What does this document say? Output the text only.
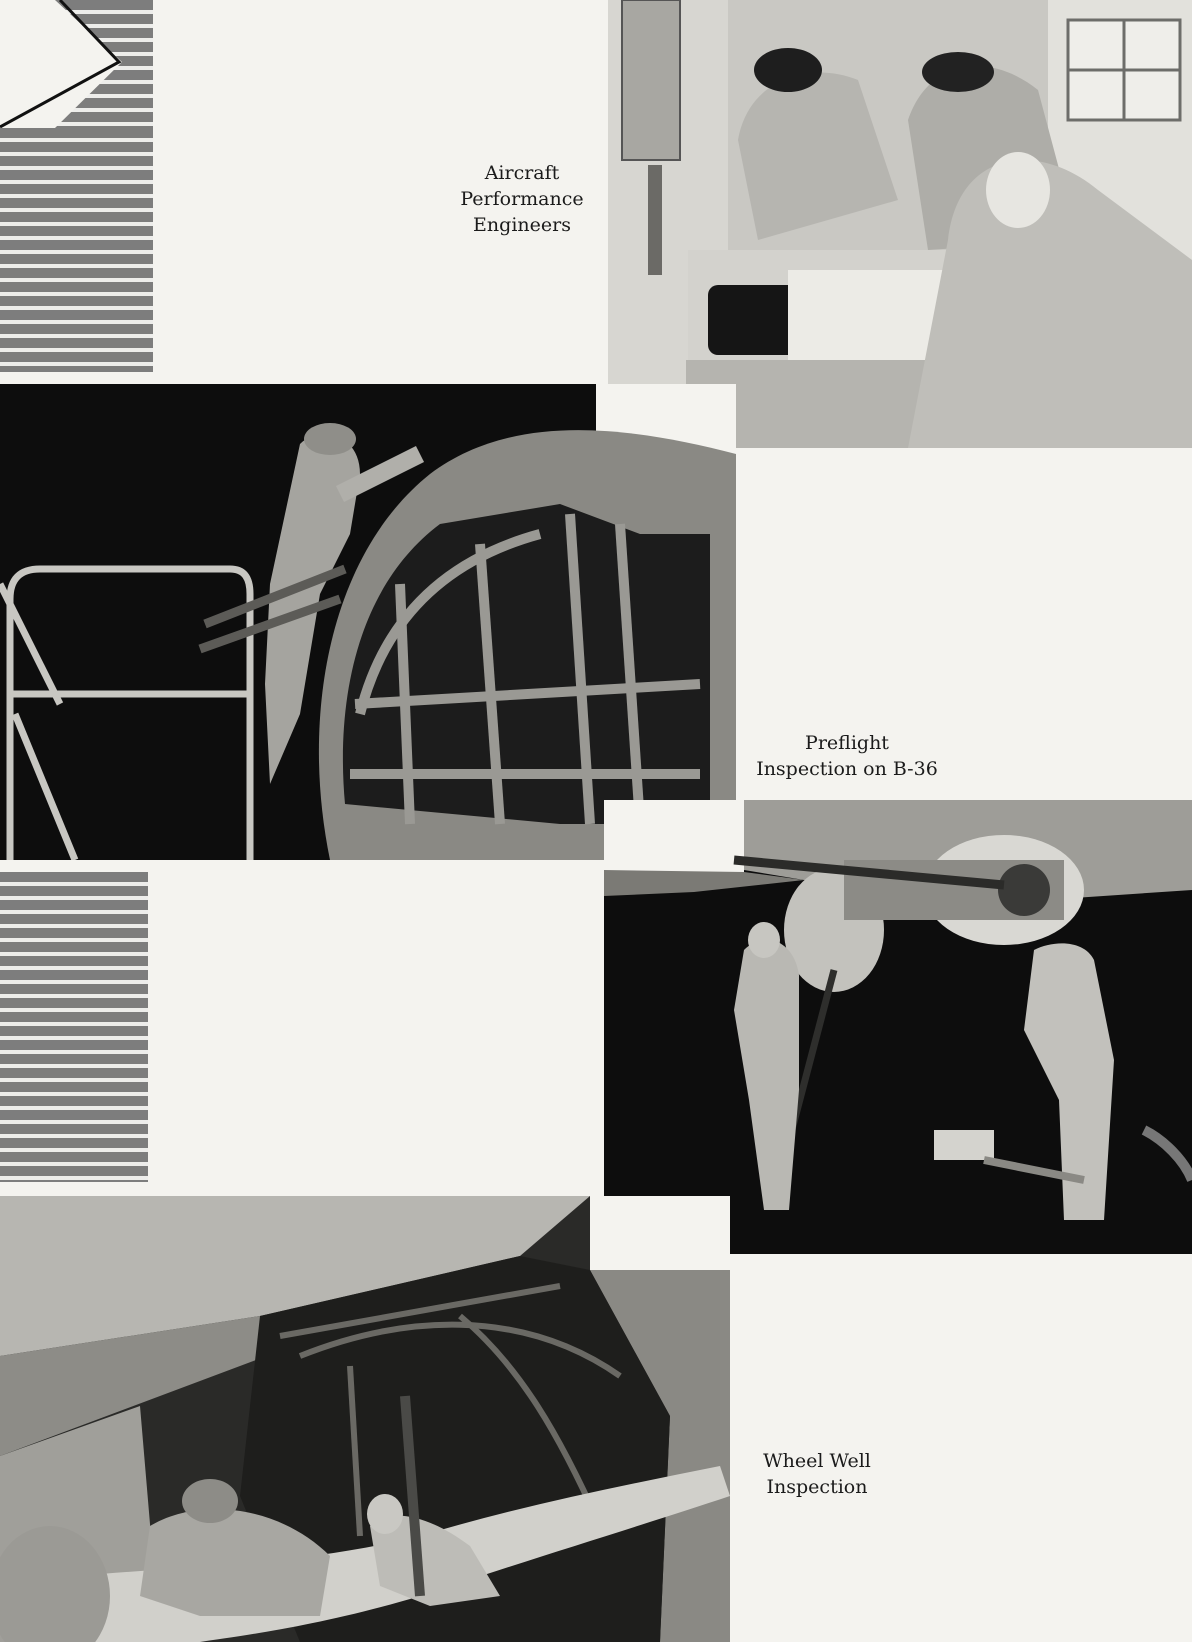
Aircraft
Performance
Engineers
Preflight
Inspection on B-36
Wheel Well
Inspection
